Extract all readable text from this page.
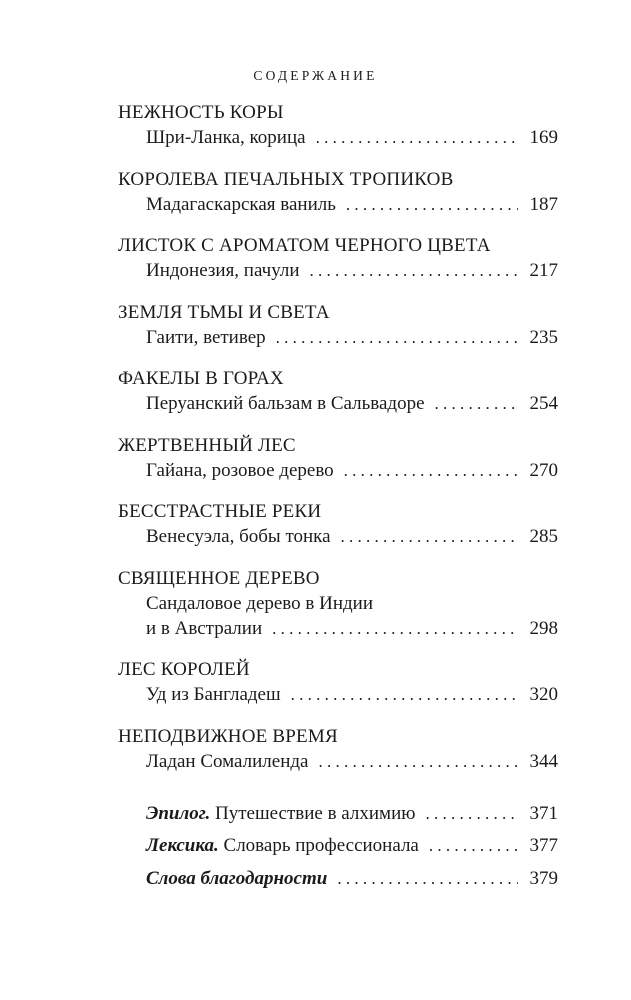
СОДЕРЖАНИЕ
НЕЖНОСТЬ КОРЫ
Шри-Ланка, корица . . .	169
КОРОЛЕВА ПЕЧАЛЬНЫХ ТРОПИКОВ
Мадагаскарская ваниль . . .	187
ЛИСТОК С АРОМАТОМ ЧЕРНОГО ЦВЕТА
Индонезия, пачули . . .	217
ЗЕМЛЯ ТЬМЫ И СВЕТА
Гаити, ветивер . . .	235
ФАКЕЛЫ В ГОРАХ
Перуанский бальзам в Сальвадоре . . .	254
ЖЕРТВЕННЫЙ ЛЕС
Гайана, розовое дерево . . .	270
БЕССТРАСТНЫЕ РЕКИ
Венесуэла, бобы тонка . . .	285
СВЯЩЕННОЕ ДЕРЕВО
Сандаловое дерево в Индии
и в Австралии . . .	298
ЛЕС КОРОЛЕЙ
Уд из Бангладеш . . .	320
НЕПОДВИЖНОЕ ВРЕМЯ
Ладан Сомалиленда . . .	344
Эпилог. Путешествие в алхимию . . .	371
Лексика. Словарь профессионала . . .	377
Слова благодарности . . .	379
